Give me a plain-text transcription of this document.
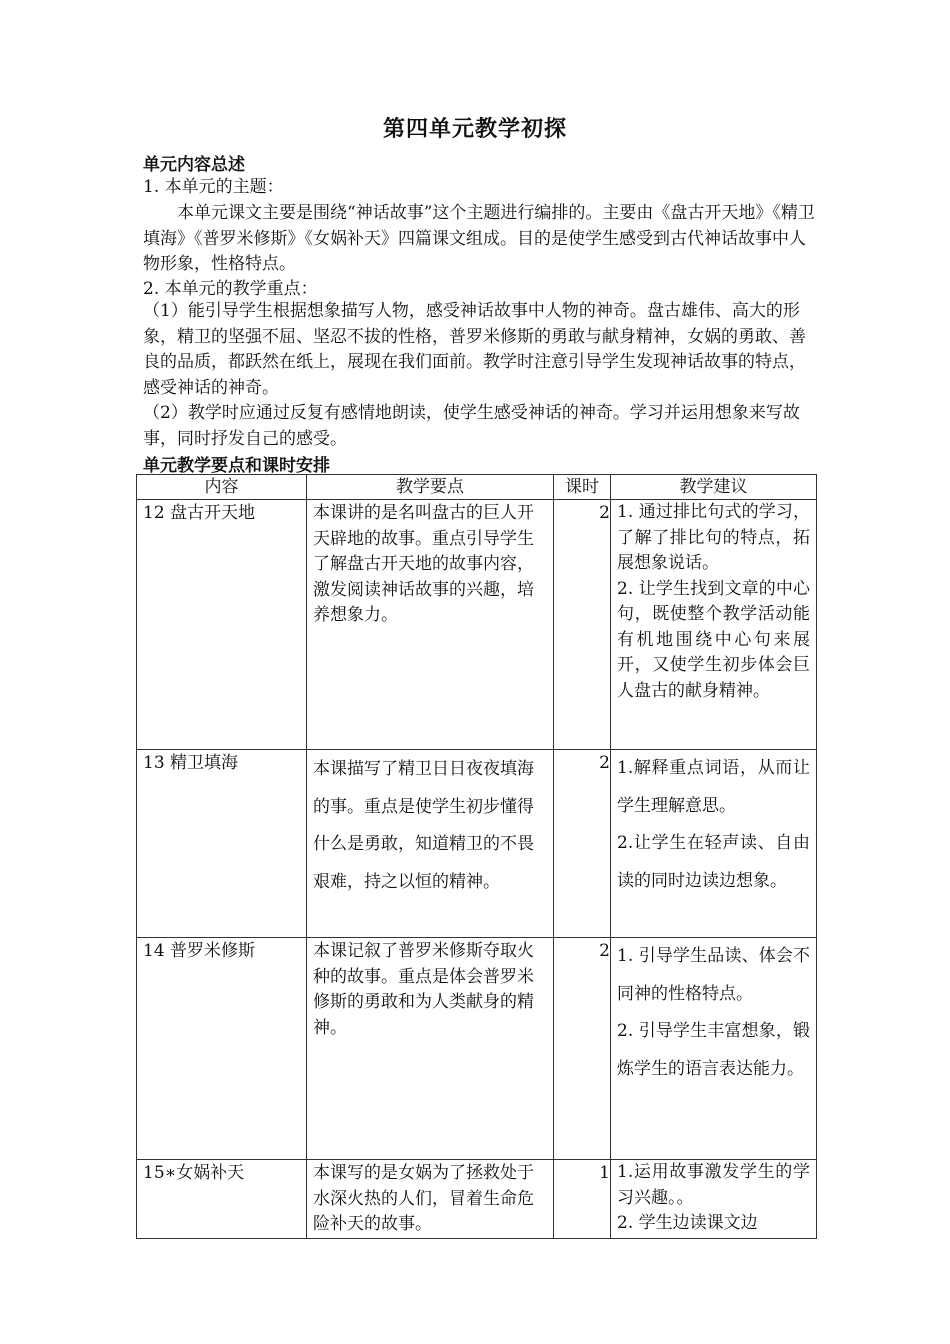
第四单元教学初探
单元内容总述

1. 本单元的主题：

本单元课文主要是围绕“神话故事”这个主题进行编排的。主要由《盘古开天地》《精卫填海》《普罗米修斯》《女娲补天》四篇课文组成。目的是使学生感受到古代神话故事中人物形象，性格特点。

2. 本单元的教学重点：

（1）能引导学生根据想象描写人物，感受神话故事中人物的神奇。盘古雄伟、高大的形象，精卫的坚强不屈、坚忍不拔的性格，普罗米修斯的勇敢与献身精神，女娲的勇敢、善良的品质，都跃然在纸上，展现在我们面前。教学时注意引导学生发现神话故事的特点，感受神话的神奇。

（2）教学时应通过反复有感情地朗读，使学生感受神话的神奇。学习并运用想象来写故事，同时抒发自己的感受。

单元教学要点和课时安排
内容	教学要点	课时	教学建议
12 盘古开天地	本课讲的是名叫盘古的巨人开天辟地的故事。重点引导学生了解盘古开天地的故事内容，激发阅读神话故事的兴趣，培养想象力。	2	1. 通过排比句式的学习，了解了排比句的特点，拓展想象说话。
2. 让学生找到文章的中心句，既使整个教学活动能有机地围绕中心句来展开，又使学生初步体会巨人盘古的献身精神。

13 精卫填海	本课描写了精卫日日夜夜填海的事。重点是使学生初步懂得什么是勇敢，知道精卫的不畏艰难，持之以恒的精神。	2	1.解释重点词语，从而让学生理解意思。
2.让学生在轻声读、自由读的同时边读边想象。

14 普罗米修斯	本课记叙了普罗米修斯夺取火种的故事。重点是体会普罗米修斯的勇敢和为人类献身的精神。	2	1. 引导学生品读、体会不同神的性格特点。
2. 引导学生丰富想象，锻炼学生的语言表达能力。

15∗女娲补天	本课写的是女娲为了拯救处于水深火热的人们，冒着生命危险补天的故事。	1	1.运用故事激发学生的学习兴趣。。
2. 学生边读课文边
